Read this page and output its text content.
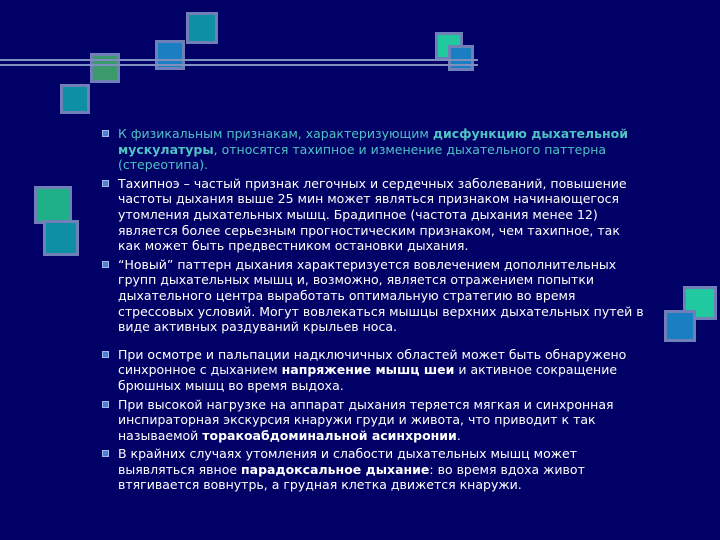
К физикальным признакам, характеризующим дисфункцию дыхательной мускулатуры, относятся тахипное и изменение дыхательного паттерна (стереотипа).
Тахипноэ – частый признак легочных и сердечных заболеваний, повышение частоты дыхания выше 25 мин может являться признаком начинающегося утомления дыхательных мышц. Брадипное (частота дыхания менее 12) является более серьезным прогностическим признаком, чем тахипное, так как может быть предвестником остановки дыхания.
“Новый” паттерн дыхания характеризуется вовлечением дополнительных групп дыхательных мышц и, возможно, является отражением попытки дыхательного центра выработать оптимальную стратегию во время стрессовых условий. Могут вовлекаться мышцы верхних дыхательных путей в виде активных раздуваний крыльев носа.
При осмотре и пальпации надключичных областей может быть обнаружено синхронное с дыханием напряжение мышц шеи и активное сокращение брюшных мышц во время выдоха.
При высокой нагрузке на аппарат дыхания теряется мягкая и синхронная инспираторная экскурсия кнаружи груди и живота, что приводит к так называемой торакоабдоминальной асинхронии.
В крайних случаях утомления и слабости дыхательных мышц может выявляться явное парадоксальное дыхание: во время вдоха живот втягивается вовнутрь, а грудная клетка движется кнаружи.
